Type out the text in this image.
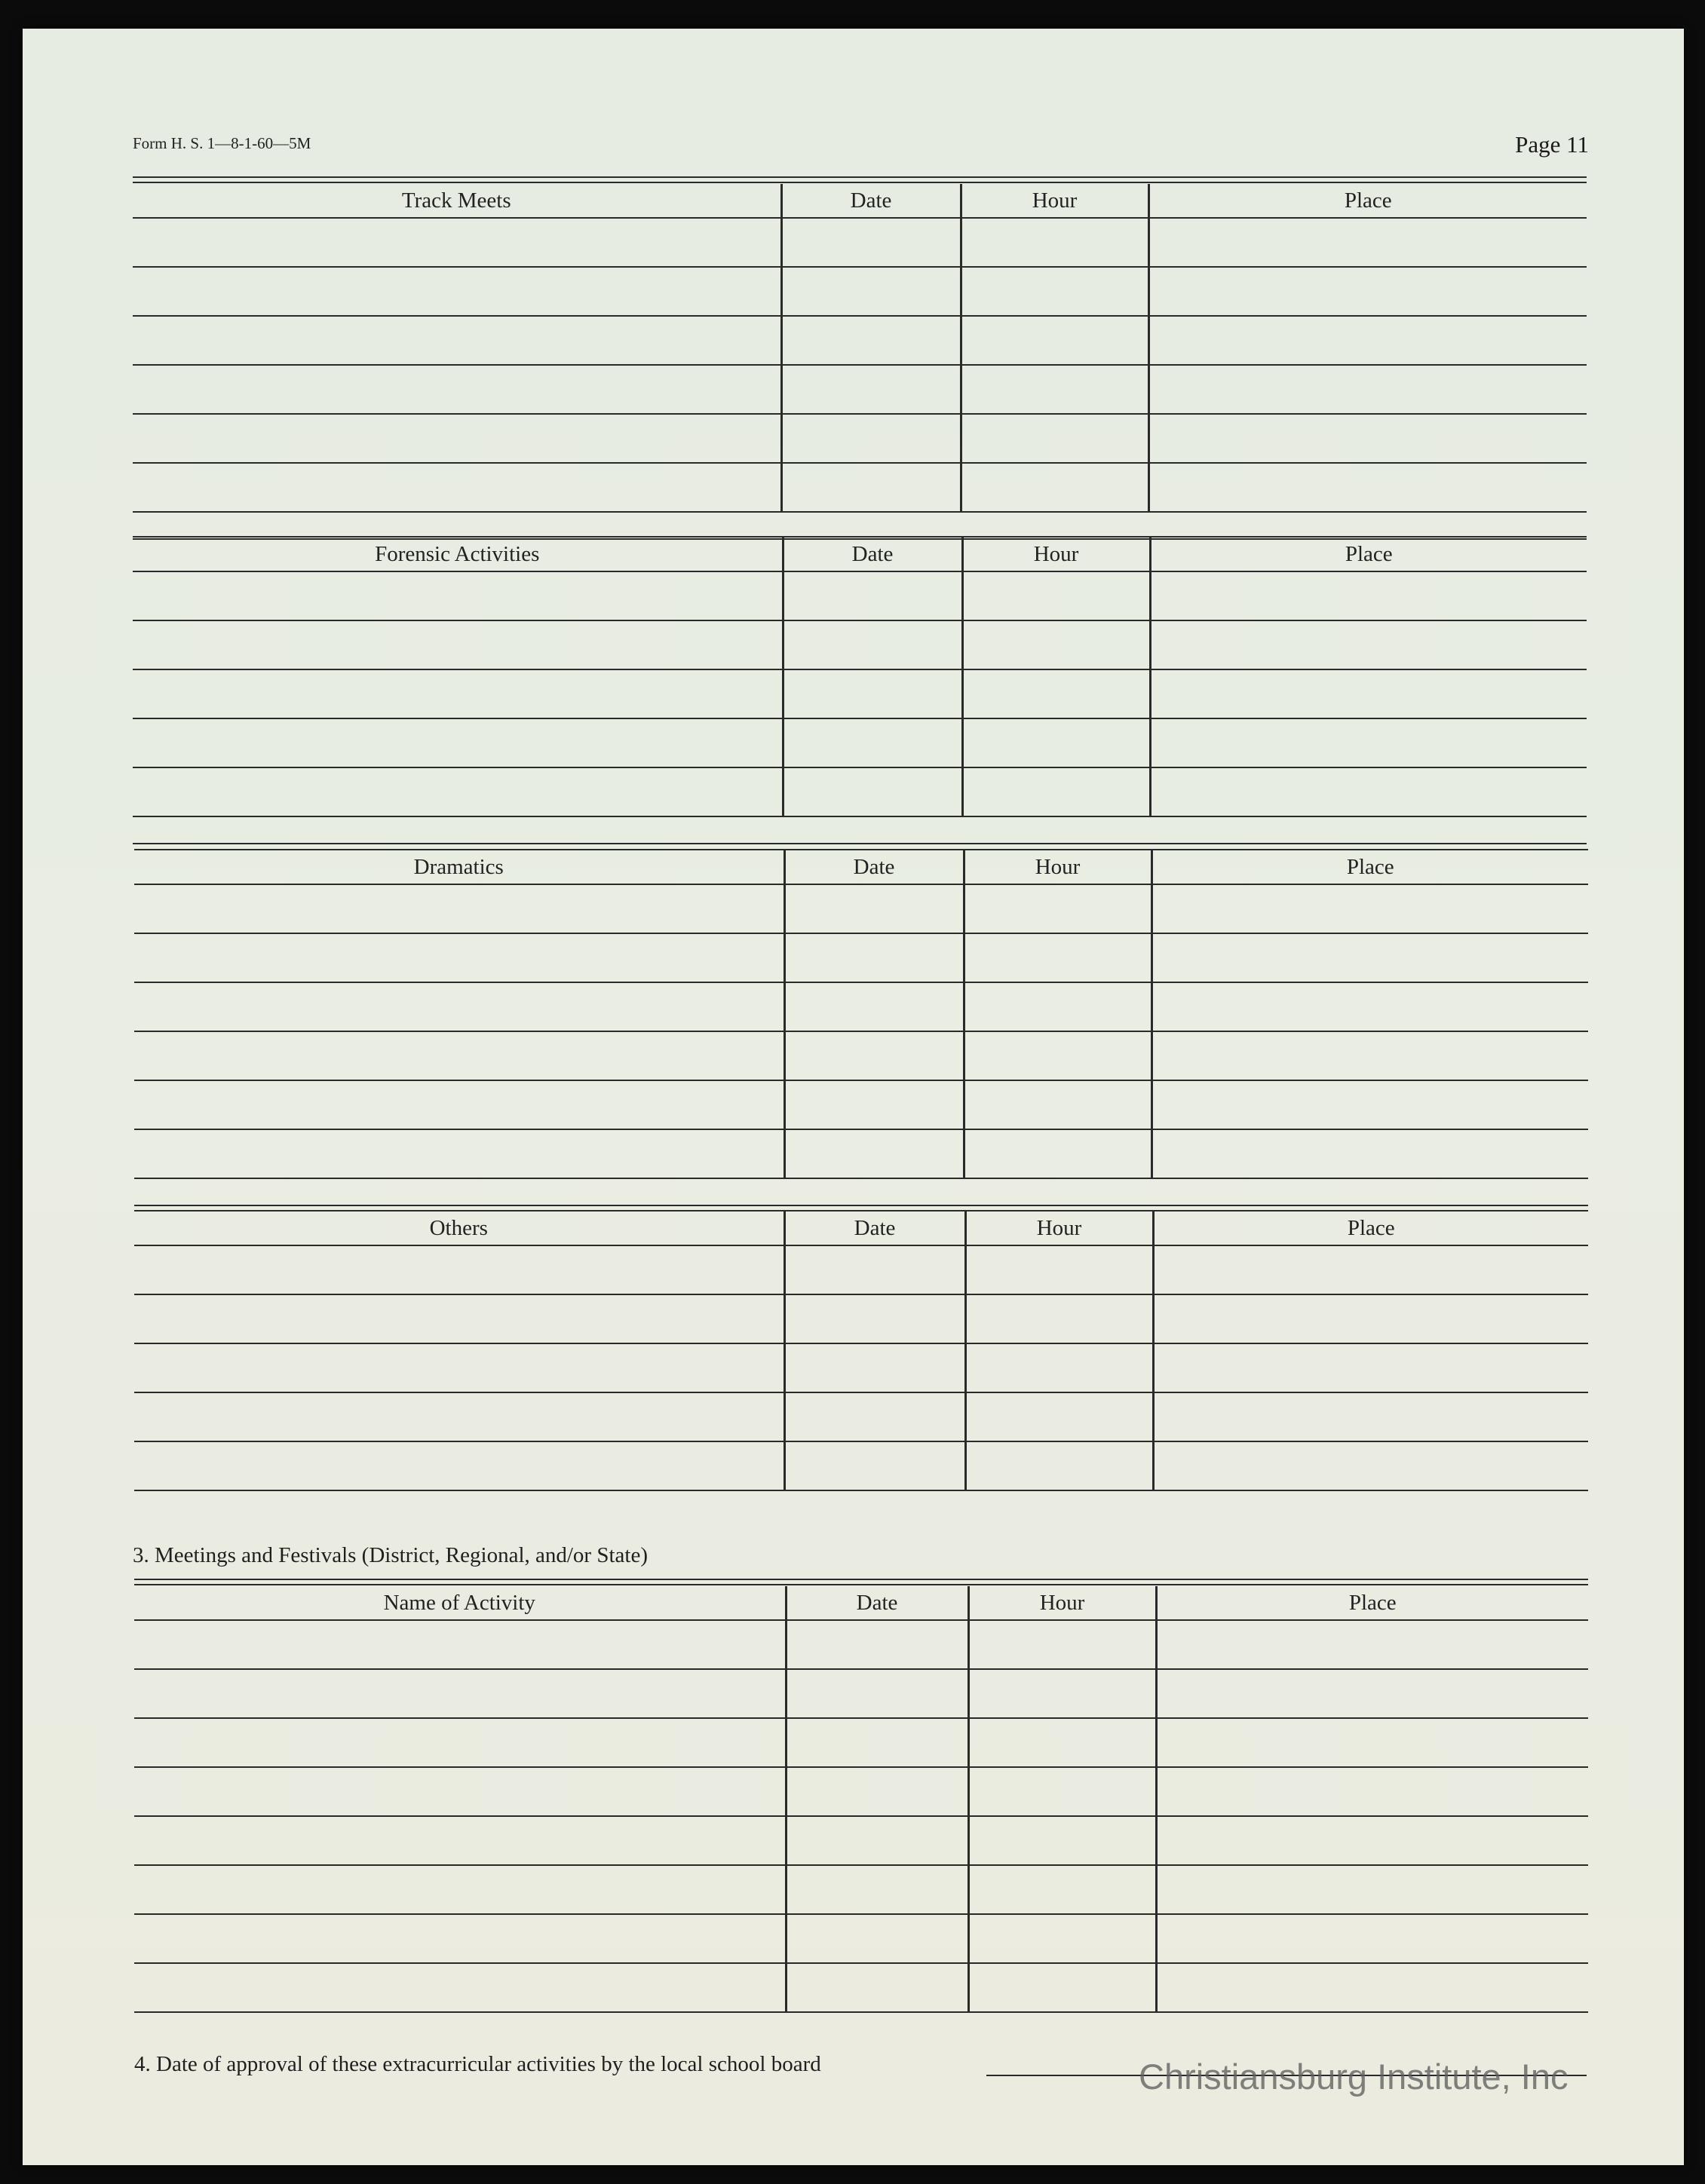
Form H. S. 1—8-1-60—5M	Page 11
Track Meets	Date	Hour	Place

Forensic Activities	Date	Hour	Place

Dramatics	Date	Hour	Place

Others	Date	Hour	Place

3. Meetings and Festivals (District, Regional, and/or State)
Name of Activity	Date	Hour	Place

4. Date of approval of these extracurricular activities by the local school board	Christiansburg Institute, Inc
